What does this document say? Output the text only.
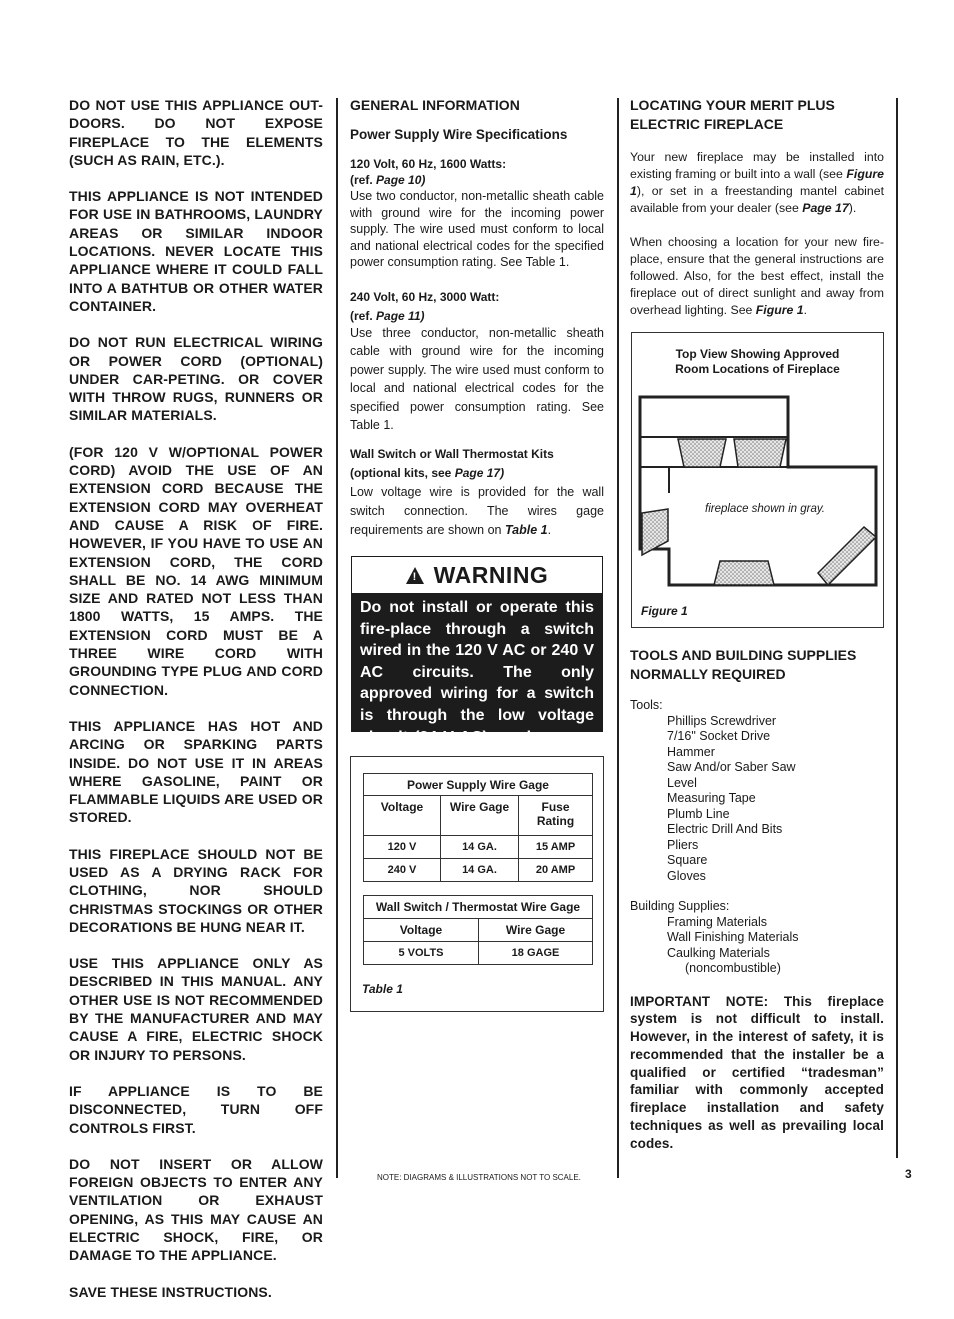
DO NOT USE THIS APPLIANCE OUT-DOORS. DO NOT EXPOSE FIREPLACE TO THE ELEMENTS (SUCH AS RAIN, ETC.).

THIS APPLIANCE IS NOT INTENDED FOR USE IN BATHROOMS, LAUNDRY AREAS OR SIMILAR INDOOR LOCATIONS. NEVER LOCATE THIS APPLIANCE WHERE IT COULD FALL INTO A BATHTUB OR OTHER WATER CONTAINER.

DO NOT RUN ELECTRICAL WIRING OR POWER CORD (OPTIONAL) UNDER CAR-PETING. OR COVER WITH THROW RUGS, RUNNERS OR SIMILAR MATERIALS.

(FOR 120 V W/OPTIONAL POWER CORD) AVOID THE USE OF AN EXTENSION CORD BECAUSE THE EXTENSION CORD MAY OVERHEAT AND CAUSE A RISK OF FIRE. HOWEVER, IF YOU HAVE TO USE AN EXTENSION CORD, THE CORD SHALL BE NO. 14 AWG MINIMUM SIZE AND RATED NOT LESS THAN 1800 WATTS, 15 AMPS. THE EXTENSION CORD MUST BE A THREE WIRE CORD WITH GROUNDING TYPE PLUG AND CORD CONNECTION.

THIS APPLIANCE HAS HOT AND ARCING OR SPARKING PARTS INSIDE. DO NOT USE IT IN AREAS WHERE GASOLINE, PAINT OR FLAMMABLE LIQUIDS ARE USED OR STORED.

THIS FIREPLACE SHOULD NOT BE USED AS A DRYING RACK FOR CLOTHING, NOR SHOULD CHRISTMAS STOCKINGS OR OTHER DECORATIONS BE HUNG NEAR IT.

USE THIS APPLIANCE ONLY AS DESCRIBED IN THIS MANUAL. ANY OTHER USE IS NOT RECOMMENDED BY THE MANUFACTURER AND MAY CAUSE A FIRE, ELECTRIC SHOCK OR INJURY TO PERSONS.

IF APPLIANCE IS TO BE DISCONNECTED, TURN OFF CONTROLS FIRST.

DO NOT INSERT OR ALLOW FOREIGN OBJECTS TO ENTER ANY VENTILATION OR EXHAUST OPENING, AS THIS MAY CAUSE AN ELECTRIC SHOCK, FIRE, OR DAMAGE TO THE APPLIANCE.

SAVE THESE INSTRUCTIONS.

GENERAL INFORMATION

Power Supply Wire Specifications

120 Volt, 60 Hz, 1600 Watts:

(ref. Page 10)

Use two conductor, non-metallic sheath cable with ground wire for the incoming power supply. The wire used must conform to local and national electrical codes for the specified power consumption rating. See Table 1.

240 Volt, 60 Hz, 3000 Watt:

(ref. Page 11)

Use three conductor, non-metallic sheath cable with ground wire for the incoming power supply. The wire used must conform to local and national electrical codes for the specified power consumption rating. See Table 1.

Wall Switch or Wall Thermostat Kits

(optional kits, see Page 17)

Low voltage wire is provided for the wall switch connection. The wires gage requirements are shown on Table 1.

! WARNING
Do not install or operate this fire-place through a switch wired in the 120 V AC or 240 V AC circuits. The only approved wiring for a switch is through the low voltage circuit (24 V AC) as shown on Page 14.
Power Supply Wire Gage		
Voltage	Wire Gage	Fuse Rating
120 V	14 GA.	15 AMP
240 V	14 GA.	20 AMP
Wall Switch / Thermostat Wire Gage	
Voltage	Wire Gage
5 VOLTS	18 GAGE
Table 1

LOCATING YOUR MERIT PLUS ELECTRIC FIREPLACE

Your new fireplace may be installed into existing framing or built into a wall (see Figure 1), or set in a freestanding mantel cabinet available from your dealer (see Page 17).

When choosing a location for your new fire-place, ensure that the general instructions are followed. Also, for the best effect, install the fireplace out of direct sunlight and away from overhead lighting. See Figure 1.

Top View Showing Approved
Room Locations of Fireplace
fireplace shown in gray.
Figure 1

TOOLS AND BUILDING SUPPLIES NORMALLY REQUIRED

Tools:

Phillips Screwdriver

7/16" Socket Drive

Hammer

Saw And/or Saber Saw

Level

Measuring Tape

Plumb Line

Electric Drill And Bits

Pliers

Square

Gloves

Building Supplies:

Framing Materials

Wall Finishing Materials

Caulking Materials

(noncombustible)

IMPORTANT NOTE: This fireplace system is not difficult to install. However, in the interest of safety, it is recommended that the installer be a qualified or certified “tradesman” familiar with commonly accepted fireplace installation and safety techniques as well as prevailing local codes.

NOTE: DIAGRAMS & ILLUSTRATIONS NOT TO SCALE.	3
